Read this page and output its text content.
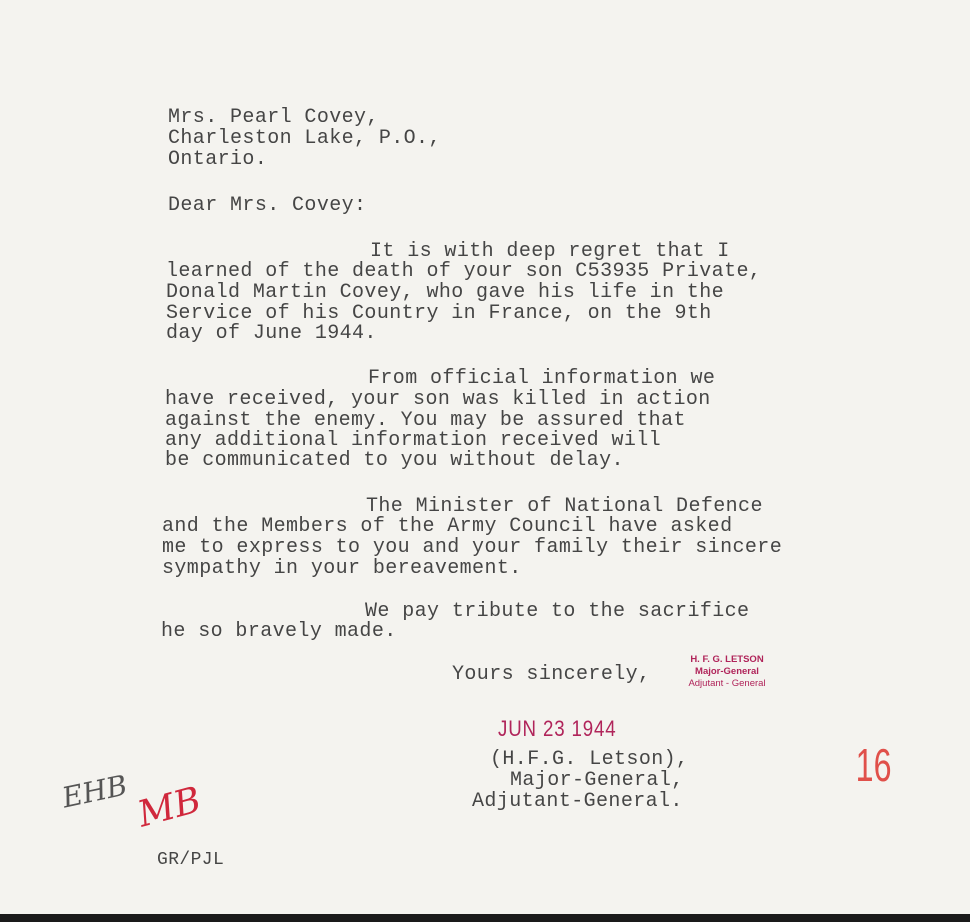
Mrs. Pearl Covey,
Charleston Lake, P.O.,
Ontario.
Dear Mrs. Covey:
It is with deep regret that I
learned of the death of your son C53935 Private,
Donald Martin Covey, who gave his life in the
Service of his Country in France, on the 9th
day of June 1944.
From official information we
have received, your son was killed in action
against the enemy. You may be assured that
any additional information received will
be communicated to you without delay.
The Minister of National Defence
and the Members of the Army Council have asked
me to express to you and your family their sincere
sympathy in your bereavement.
We pay tribute to the sacrifice
he so bravely made.
Yours sincerely,
H. F. G. LETSON
Major-General
Adjutant - General
JUN 23 1944
(H.F.G. Letson),
Major-General,
Adjutant-General.
EHB MB
GR/PJL
16
